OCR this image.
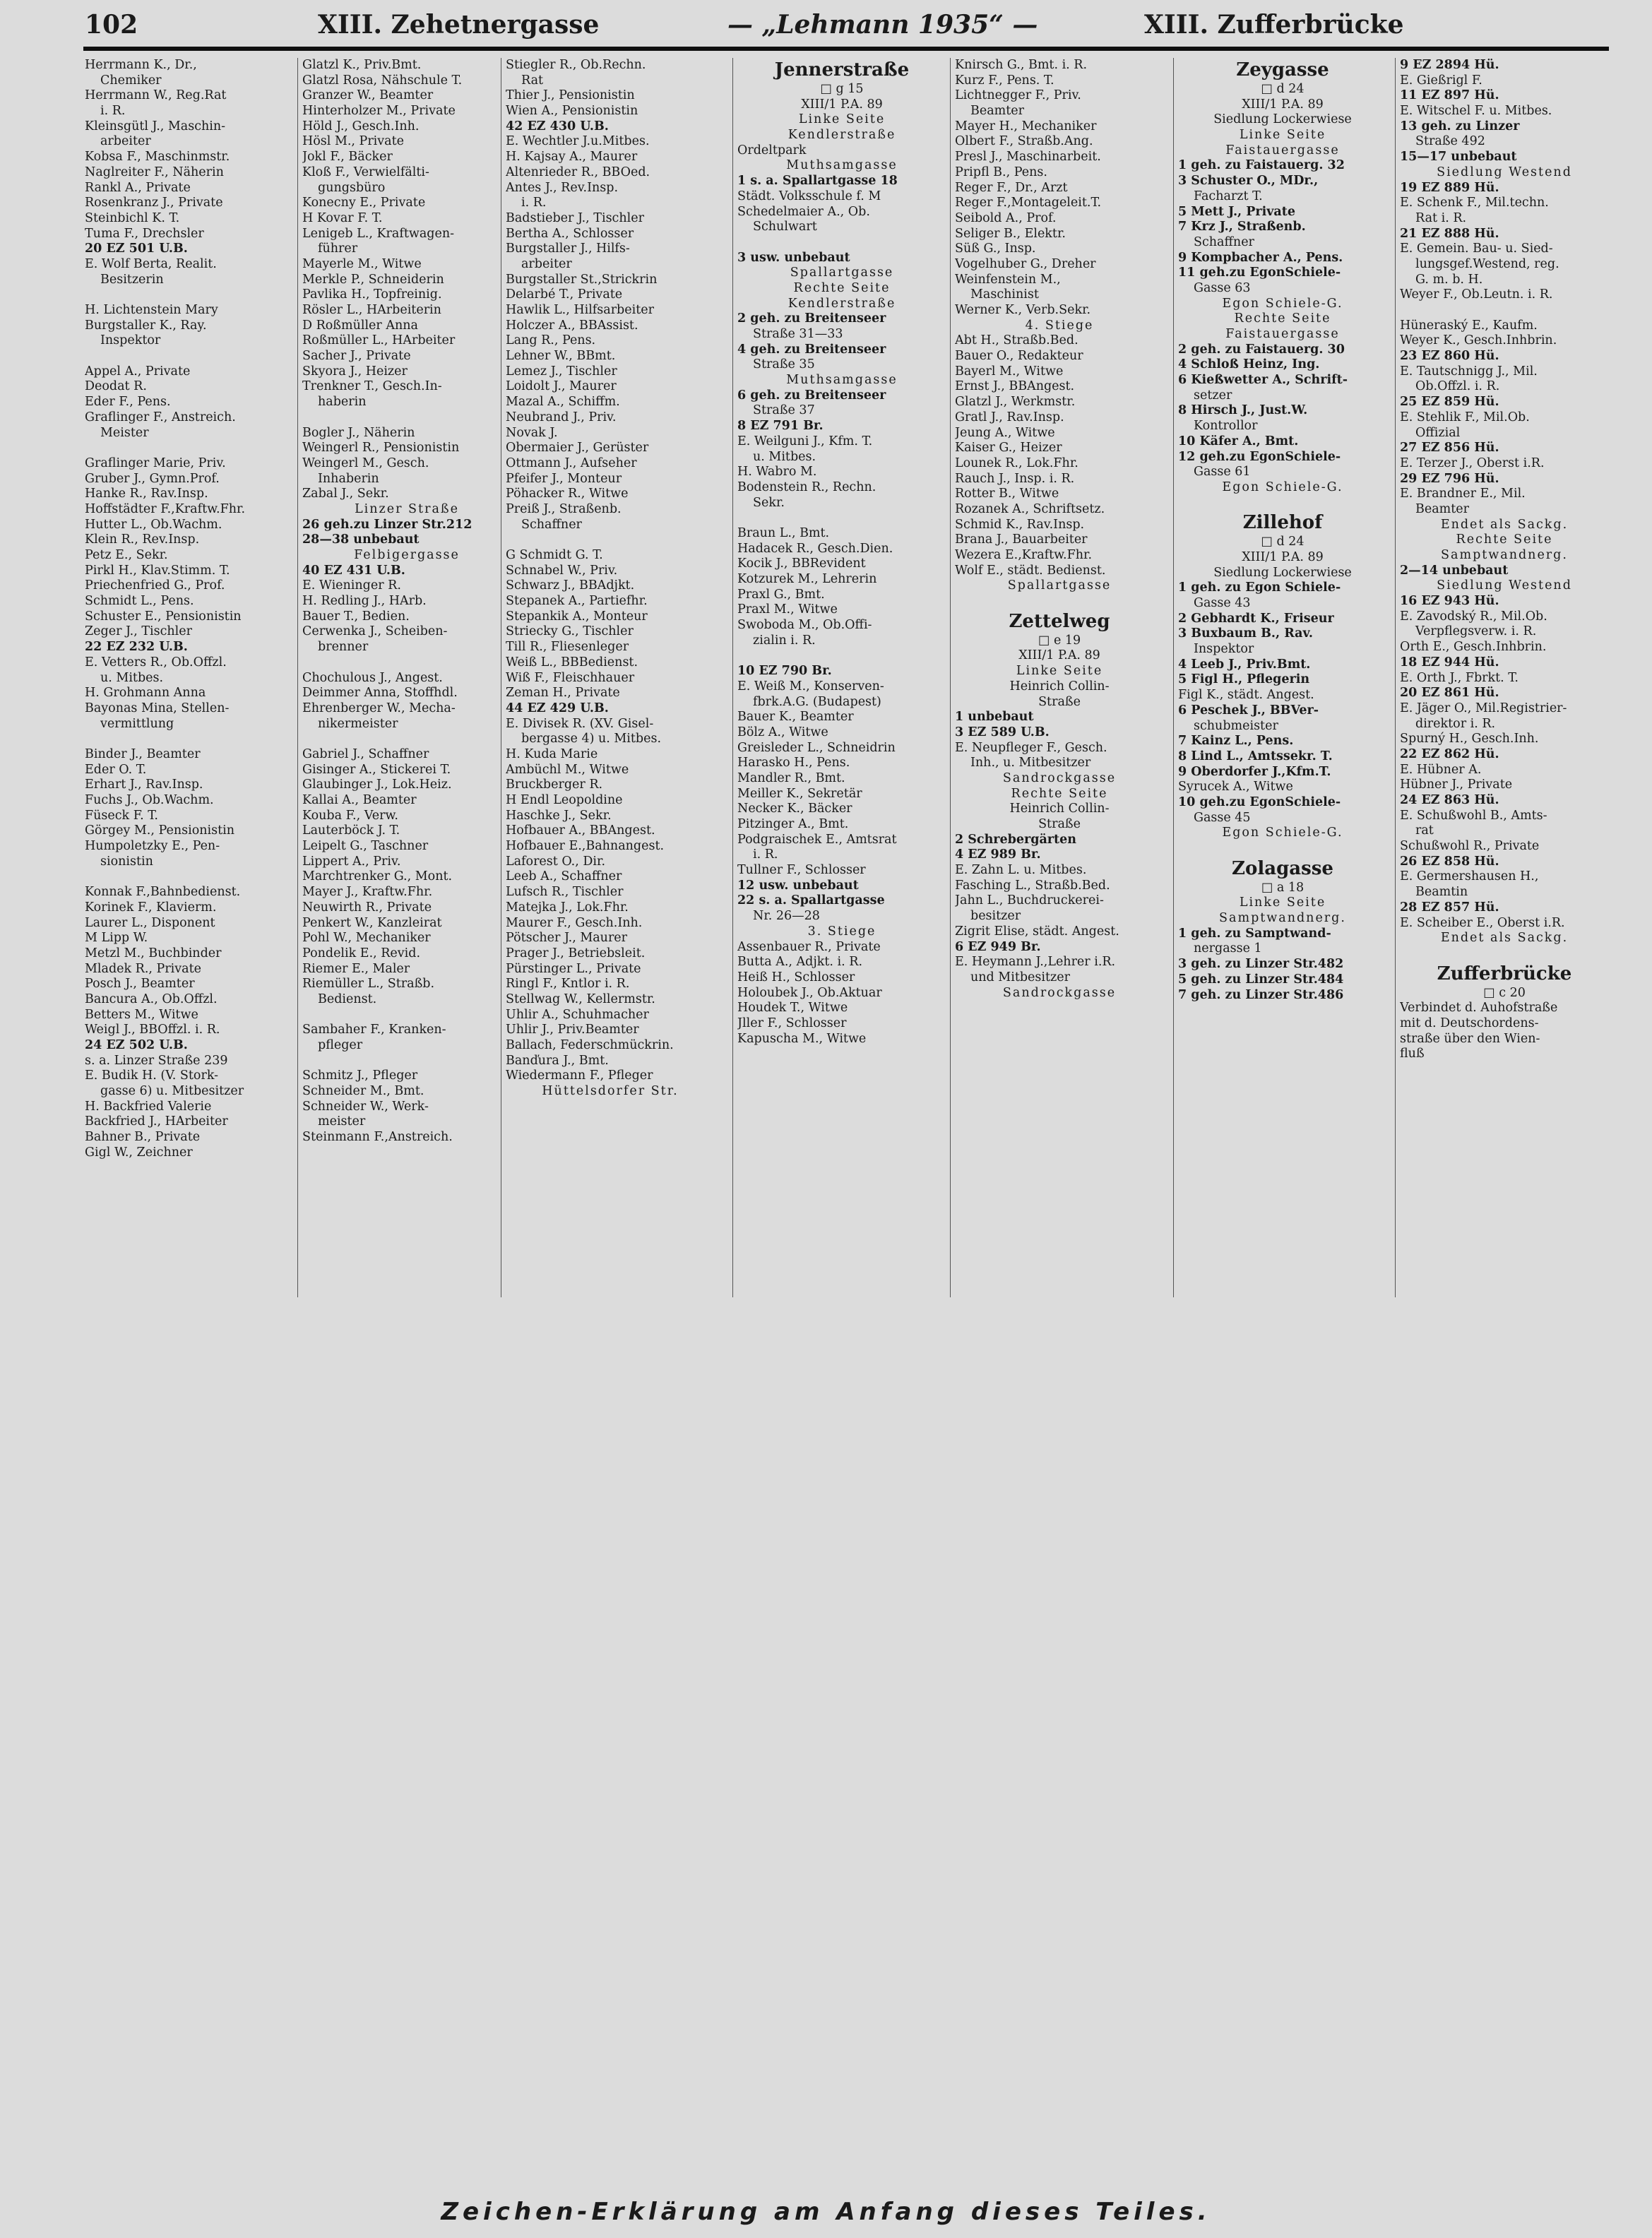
102	XIII. Zehetnergasse	— „Lehmann 1935“ —	XIII. Zufferbrücke
Herrmann K., Dr.,
Chemiker
Herrmann W., Reg.Rat
i. R.
Kleinsgütl J., Maschin-
arbeiter
Kobsa F., Maschinmstr.
Naglreiter F., Näherin
Rankl A., Private
Rosenkranz J., Private
Steinbichl K. T.
Tuma F., Drechsler
20 EZ 501 U.B.
E. Wolf Berta, Realit.
Besitzerin
H. Lichtenstein Mary
Burgstaller K., Ray.
Inspektor
Appel A., Private
Deodat R.
Eder F., Pens.
Graflinger F., Anstreich.
Meister
Graflinger Marie, Priv.
Gruber J., Gymn.Prof.
Hanke R., Rav.Insp.
Hoffstädter F.,Kraftw.Fhr.
Hutter L., Ob.Wachm.
Klein R., Rev.Insp.
Petz E., Sekr.
Pirkl H., Klav.Stimm. T.
Priechenfried G., Prof.
Schmidt L., Pens.
Schuster E., Pensionistin
Zeger J., Tischler
22 EZ 232 U.B.
E. Vetters R., Ob.Offzl.
u. Mitbes.
H. Grohmann Anna
Bayonas Mina, Stellen-
vermittlung
Binder J., Beamter
Eder O. T.
Erhart J., Rav.Insp.
Fuchs J., Ob.Wachm.
Füseck F. T.
Görgey M., Pensionistin
Humpoletzky E., Pen-
sionistin
Konnak F.,Bahnbedienst.
Korinek F., Klavierm.
Laurer L., Disponent
M Lipp W.
Metzl M., Buchbinder
Mladek R., Private
Posch J., Beamter
Bancura A., Ob.Offzl.
Betters M., Witwe
Weigl J., BBOffzl. i. R.
24 EZ 502 U.B.
s. a. Linzer Straße 239
E. Budik H. (V. Stork-
gasse 6) u. Mitbesitzer
H. Backfried Valerie
Backfried J., HArbeiter
Bahner B., Private
Gigl W., Zeichner
Glatzl K., Priv.Bmt.
Glatzl Rosa, Nähschule T.
Granzer W., Beamter
Hinterholzer M., Private
Höld J., Gesch.Inh.
Hösl M., Private
Jokl F., Bäcker
Kloß F., Verwielfälti-
gungsbüro
Konecny E., Private
H Kovar F. T.
Lenigeb L., Kraftwagen-
führer
Mayerle M., Witwe
Merkle P., Schneiderin
Pavlika H., Topfreinig.
Rösler L., HArbeiterin
D Roßmüller Anna
Roßmüller L., HArbeiter
Sacher J., Private
Skyora J., Heizer
Trenkner T., Gesch.In-
haberin
Bogler J., Näherin
Weingerl R., Pensionistin
Weingerl M., Gesch.
Inhaberin
Zabal J., Sekr.
Linzer Straße
26 geh.zu Linzer Str.212
28—38 unbebaut
Felbigergasse
40 EZ 431 U.B.
E. Wieninger R.
H. Redling J., HArb.
Bauer T., Bedien.
Cerwenka J., Scheiben-
brenner
Chochulous J., Angest.
Deimmer Anna, Stoffhdl.
Ehrenberger W., Mecha-
nikermeister
Gabriel J., Schaffner
Gisinger A., Stickerei T.
Glaubinger J., Lok.Heiz.
Kallai A., Beamter
Kouba F., Verw.
Lauterböck J. T.
Leipelt G., Taschner
Lippert A., Priv.
Marchtrenker G., Mont.
Mayer J., Kraftw.Fhr.
Neuwirth R., Private
Penkert W., Kanzleirat
Pohl W., Mechaniker
Pondelik E., Revid.
Riemer E., Maler
Riemüller L., Straßb.
Bedienst.
Sambaher F., Kranken-
pfleger
Schmitz J., Pfleger
Schneider M., Bmt.
Schneider W., Werk-
meister
Steinmann F.,Anstreich.
Stiegler R., Ob.Rechn.
Rat
Thier J., Pensionistin
Wien A., Pensionistin
42 EZ 430 U.B.
E. Wechtler J.u.Mitbes.
H. Kajsay A., Maurer
Altenrieder R., BBOed.
Antes J., Rev.Insp.
i. R.
Badstieber J., Tischler
Bertha A., Schlosser
Burgstaller J., Hilfs-
arbeiter
Burgstaller St.,Strickrin
Delarbé T., Private
Hawlik L., Hilfsarbeiter
Holczer A., BBAssist.
Lang R., Pens.
Lehner W., BBmt.
Lemez J., Tischler
Loidolt J., Maurer
Mazal A., Schiffm.
Neubrand J., Priv.
Novak J.
Obermaier J., Gerüster
Ottmann J., Aufseher
Pfeifer J., Monteur
Pöhacker R., Witwe
Preiß J., Straßenb.
Schaffner
G Schmidt G. T.
Schnabel W., Priv.
Schwarz J., BBAdjkt.
Stepanek A., Partiefhr.
Stepankik A., Monteur
Striecky G., Tischler
Till R., Fliesenleger
Weiß L., BBBedienst.
Wiß F., Fleischhauer
Zeman H., Private
44 EZ 429 U.B.
E. Divisek R. (XV. Gisel-
bergasse 4) u. Mitbes.
H. Kuda Marie
Ambüchl M., Witwe
Bruckberger R.
H Endl Leopoldine
Haschke J., Sekr.
Hofbauer A., BBAngest.
Hofbauer E.,Bahnangest.
Laforest O., Dir.
Leeb A., Schaffner
Lufsch R., Tischler
Matejka J., Lok.Fhr.
Maurer F., Gesch.Inh.
Pötscher J., Maurer
Prager J., Betriebsleit.
Pürstinger L., Private
Ringl F., Kntlor i. R.
Stellwag W., Kellermstr.
Uhlir A., Schuhmacher
Uhlir J., Priv.Beamter
Ballach, Federschmückrin.
Banďura J., Bmt.
Wiedermann F., Pfleger
Hüttelsdorfer Str.
Jennerstraße
□ g 15
XIII/1 P.A. 89
Linke Seite
Kendlerstraße
Ordeltpark
Muthsamgasse
1 s. a. Spallartgasse 18
Städt. Volksschule f. M
Schedelmaier A., Ob.
Schulwart
3 usw. unbebaut
Spallartgasse
Rechte Seite
Kendlerstraße
2 geh. zu Breitenseer
Straße 31—33
4 geh. zu Breitenseer
Straße 35
Muthsamgasse
6 geh. zu Breitenseer
Straße 37
8 EZ 791 Br.
E. Weilguni J., Kfm. T.
u. Mitbes.
H. Wabro M.
Bodenstein R., Rechn.
Sekr.
Braun L., Bmt.
Hadacek R., Gesch.Dien.
Kocik J., BBRevident
Kotzurek M., Lehrerin
Praxl G., Bmt.
Praxl M., Witwe
Swoboda M., Ob.Offi-
zialin i. R.
10 EZ 790 Br.
E. Weiß M., Konserven-
fbrk.A.G. (Budapest)
Bauer K., Beamter
Bölz A., Witwe
Greisleder L., Schneidrin
Harasko H., Pens.
Mandler R., Bmt.
Meiller K., Sekretär
Necker K., Bäcker
Pitzinger A., Bmt.
Podgraischek E., Amtsrat
i. R.
Tullner F., Schlosser
12 usw. unbebaut
22 s. a. Spallartgasse
Nr. 26—28
3. Stiege
Assenbauer R., Private
Butta A., Adjkt. i. R.
Heiß H., Schlosser
Holoubek J., Ob.Aktuar
Houdek T., Witwe
Jller F., Schlosser
Kapuscha M., Witwe
Knirsch G., Bmt. i. R.
Kurz F., Pens. T.
Lichtnegger F., Priv.
Beamter
Mayer H., Mechaniker
Olbert F., Straßb.Ang.
Presl J., Maschinarbeit.
Pripfl B., Pens.
Reger F., Dr., Arzt
Reger F.,Montageleit.T.
Seibold A., Prof.
Seliger B., Elektr.
Süß G., Insp.
Vogelhuber G., Dreher
Weinfenstein M.,
Maschinist
Werner K., Verb.Sekr.
4. Stiege
Abt H., Straßb.Bed.
Bauer O., Redakteur
Bayerl M., Witwe
Ernst J., BBAngest.
Glatzl J., Werkmstr.
Gratl J., Rav.Insp.
Jeung A., Witwe
Kaiser G., Heizer
Lounek R., Lok.Fhr.
Rauch J., Insp. i. R.
Rotter B., Witwe
Rozanek A., Schriftsetz.
Schmid K., Rav.Insp.
Brana J., Bauarbeiter
Wezera E.,Kraftw.Fhr.
Wolf E., städt. Bedienst.
Spallartgasse
Zettelweg
□ e 19
XIII/1 P.A. 89
Linke Seite
Heinrich Collin-
Straße
1 unbebaut
3 EZ 589 U.B.
E. Neupfleger F., Gesch.
Inh., u. Mitbesitzer
Sandrockgasse
Rechte Seite
Heinrich Collin-
Straße
2 Schrebergärten
4 EZ 989 Br.
E. Zahn L. u. Mitbes.
Fasching L., Straßb.Bed.
Jahn L., Buchdruckerei-
besitzer
Zigrit Elise, städt. Angest.
6 EZ 949 Br.
E. Heymann J.,Lehrer i.R.
und Mitbesitzer
Sandrockgasse
Zeygasse
□ d 24
XIII/1 P.A. 89
Siedlung Lockerwiese
Linke Seite
Faistauergasse
1 geh. zu Faistauerg. 32
3 Schuster O., MDr.,
Facharzt T.
5 Mett J., Private
7 Krz J., Straßenb.
Schaffner
9 Kompbacher A., Pens.
11 geh.zu EgonSchiele-
Gasse 63
Egon Schiele-G.
Rechte Seite
Faistauergasse
2 geh. zu Faistauerg. 30
4 Schloß Heinz, Ing.
6 Kießwetter A., Schrift-
setzer
8 Hirsch J., Just.W.
Kontrollor
10 Käfer A., Bmt.
12 geh.zu EgonSchiele-
Gasse 61
Egon Schiele-G.
Zillehof
□ d 24
XIII/1 P.A. 89
Siedlung Lockerwiese
1 geh. zu Egon Schiele-
Gasse 43
2 Gebhardt K., Friseur
3 Buxbaum B., Rav.
Inspektor
4 Leeb J., Priv.Bmt.
5 Figl H., Pflegerin
Figl K., städt. Angest.
6 Peschek J., BBVer-
schubmeister
7 Kainz L., Pens.
8 Lind L., Amtssekr. T.
9 Oberdorfer J.,Kfm.T.
Syrucek A., Witwe
10 geh.zu EgonSchiele-
Gasse 45
Egon Schiele-G.
Zolagasse
□ a 18
Linke Seite
Samptwandnerg.
1 geh. zu Samptwand-
nergasse 1
3 geh. zu Linzer Str.482
5 geh. zu Linzer Str.484
7 geh. zu Linzer Str.486
9 EZ 2894 Hü.
E. Gießrigl F.
11 EZ 897 Hü.
E. Witschel F. u. Mitbes.
13 geh. zu Linzer
Straße 492
15—17 unbebaut
Siedlung Westend
19 EZ 889 Hü.
E. Schenk F., Mil.techn.
Rat i. R.
21 EZ 888 Hü.
E. Gemein. Bau- u. Sied-
lungsgef.Westend, reg.
G. m. b. H.
Weyer F., Ob.Leutn. i. R.
Hüneraský E., Kaufm.
Weyer K., Gesch.Inhbrin.
23 EZ 860 Hü.
E. Tautschnigg J., Mil.
Ob.Offzl. i. R.
25 EZ 859 Hü.
E. Stehlik F., Mil.Ob.
Offizial
27 EZ 856 Hü.
E. Terzer J., Oberst i.R.
29 EZ 796 Hü.
E. Brandner E., Mil.
Beamter
Endet als Sackg.
Rechte Seite
Samptwandnerg.
2—14 unbebaut
Siedlung Westend
16 EZ 943 Hü.
E. Zavodský R., Mil.Ob.
Verpflegsverw. i. R.
Orth E., Gesch.Inhbrin.
18 EZ 944 Hü.
E. Orth J., Fbrkt. T.
20 EZ 861 Hü.
E. Jäger O., Mil.Registrier-
direktor i. R.
Spurný H., Gesch.Inh.
22 EZ 862 Hü.
E. Hübner A.
Hübner J., Private
24 EZ 863 Hü.
E. Schußwohl B., Amts-
rat
Schußwohl R., Private
26 EZ 858 Hü.
E. Germershausen H.,
Beamtin
28 EZ 857 Hü.
E. Scheiber E., Oberst i.R.
Endet als Sackg.
Zufferbrücke
□ c 20
Verbindet d. Auhofstraße
mit d. Deutschordens-
straße über den Wien-
fluß
Zeichen-Erklärung am Anfang dieses Teiles.
